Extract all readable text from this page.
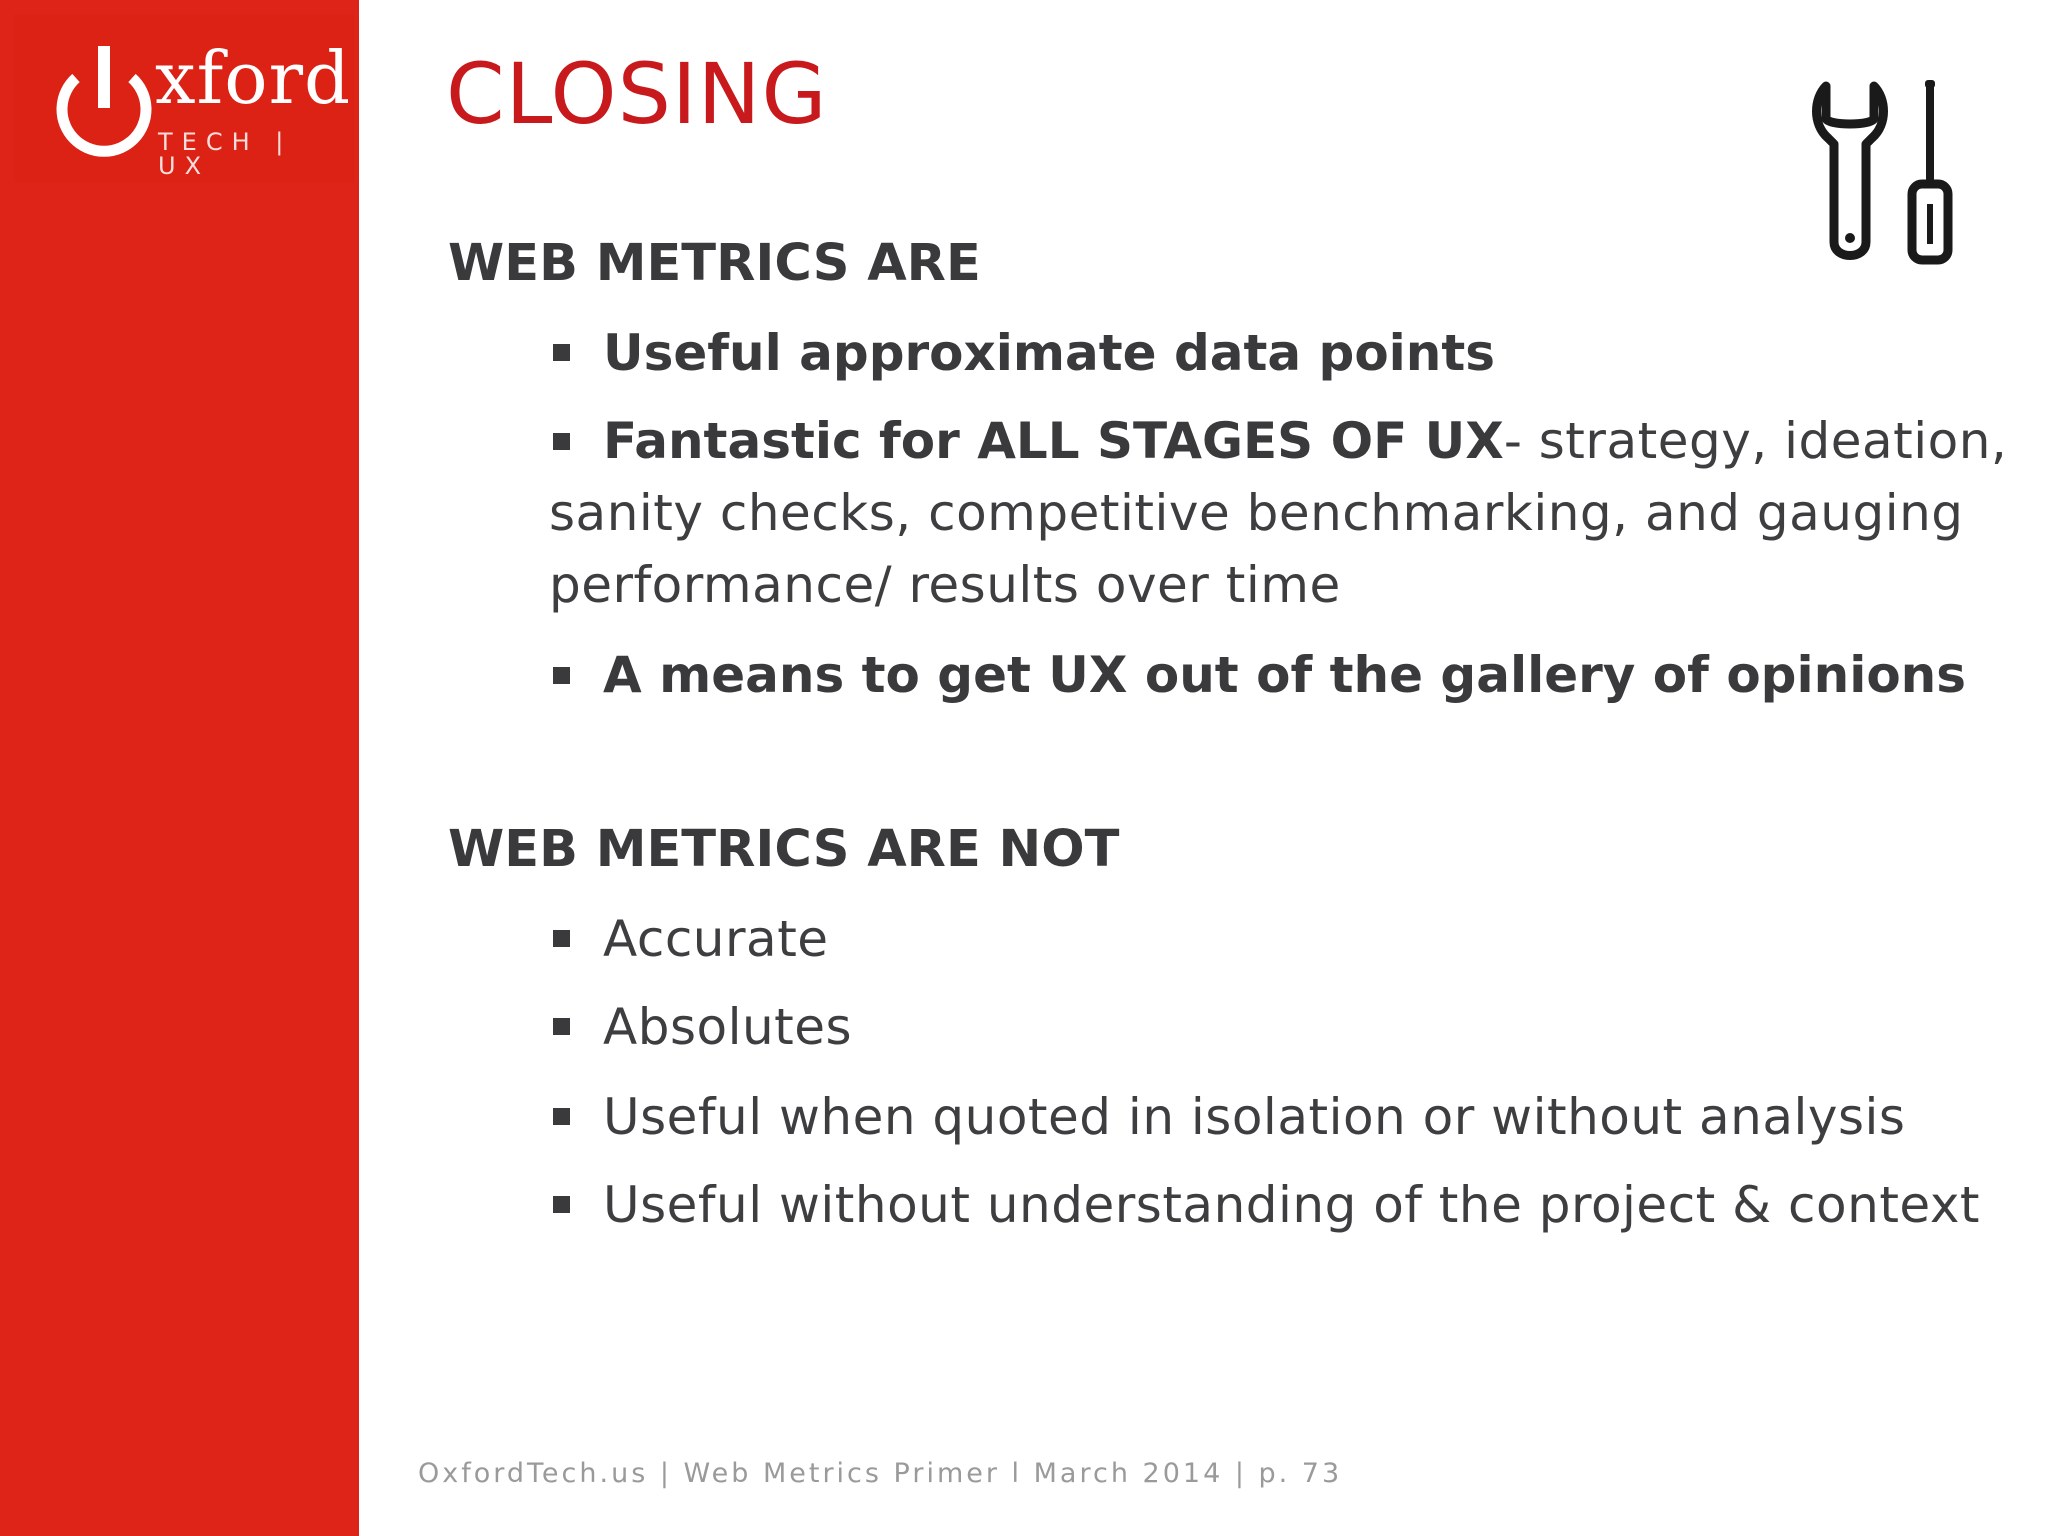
xford
TECH | UX
CLOSING
WEB METRICS ARE
Useful approximate data points
Fantastic for ALL STAGES OF UX- strategy, ideation,
sanity checks, competitive benchmarking, and gauging
performance/ results over time
A means to get UX out of the gallery of opinions
WEB METRICS ARE NOT
Accurate
Absolutes
Useful when quoted in isolation or without analysis
Useful without understanding of the project & context
OxfordTech.us | Web Metrics Primer l March 2014 | p. 73
